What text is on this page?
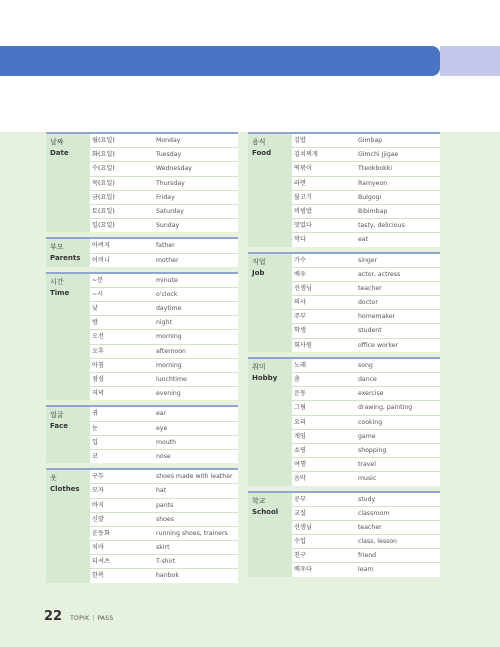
날짜
Date
월(요일)	Monday
화(요일)	Tuesday
수(요일)	Wednesday
목(요일)	Thursday
금(요일)	Friday
토(요일)	Saturday
일(요일)	Sunday
부모
Parents
아버지	father
어머니	mother
시간
Time
~분	minute
~시	o'clock
낮	daytime
밤	night
오전	morning
오후	afternoon
아침	morning
점심	lunchtime
저녁	evening
얼굴
Face
귀	ear
눈	eye
입	mouth
코	nose
옷
Clothes
구두	shoes made with leather
모자	hat
바지	pants
신발	shoes
운동화	running shoes, trainers
치마	skirt
티셔츠	T-shirt
한복	hanbok
음식
Food
김밥	Gimbap
김치찌개	Gimchi Jjigae
떡볶이	Tteokbokki
라면	Ramyeon
불고기	Bulgogi
비빔밥	Bibimbap
맛있다	tasty, delicious
먹다	eat
직업
Job
가수	singer
배우	actor, actress
선생님	teacher
의사	doctor
주부	homemaker
학생	student
회사원	office worker
취미
Hobby
노래	song
춤	dance
운동	exercise
그림	drawing, painting
요리	cooking
게임	game
쇼핑	shopping
여행	travel
음악	music
학교
School
공부	study
교실	classroom
선생님	teacher
수업	class, lesson
친구	friend
배우다	learn
22 TOPIK | PASS
